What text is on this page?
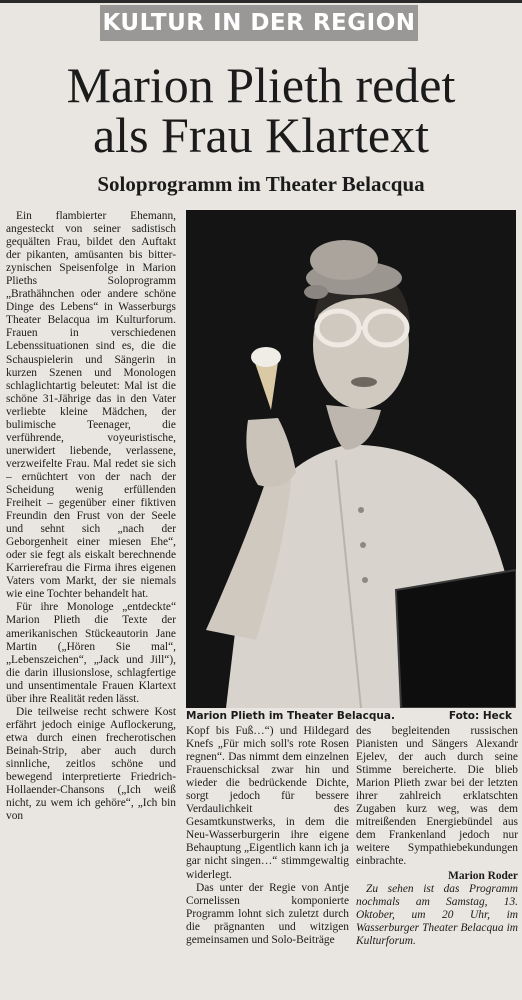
KULTUR IN DER REGION
Marion Plieth redet
als Frau Klartext
Soloprogramm im Theater Belacqua

Ein flambierter Ehemann, angesteckt von seiner sadistisch gequälten Frau, bildet den Auftakt der pikanten, amüsanten bis bitter-zynischen Speisenfolge in Marion Plieths Soloprogramm „Brathähnchen oder andere schöne Dinge des Lebens“ in Wasserburgs Theater Belacqua im Kulturforum. Frauen in verschiedenen Lebenssituationen sind es, die die Schauspielerin und Sängerin in kurzen Szenen und Monologen schlaglichtartig beleutet: Mal ist die schöne 31-Jährige das in den Vater verliebte kleine Mädchen, der bulimische Teenager, die verführende, voyeuristische, unerwidert liebende, verlassene, verzweifelte Frau. Mal redet sie sich – ernüchtert von der nach der Scheidung wenig erfüllenden Freiheit – gegenüber einer fiktiven Freundin den Frust von der Seele und sehnt sich „nach der Geborgenheit einer miesen Ehe“, oder sie fegt als eiskalt berechnende Karrierefrau die Firma ihres eigenen Vaters vom Markt, der sie niemals wie eine Tochter behandelt hat.

Für ihre Monologe „entdeckte“ Marion Plieth die Texte der amerikanischen Stückeautorin Jane Martin („Hören Sie mal“, „Lebenszeichen“, „Jack und Jill“), die darin illusionslose, schlagfertige und unsentimentale Frauen Klartext über ihre Realität reden lässt.

Die teilweise recht schwere Kost erfährt jedoch einige Auflockerung, etwa durch einen frecherotischen Beinah-Strip, aber auch durch sinnliche, zeitlos schöne und bewegend interpretierte Friedrich-Hollaender-Chansons („Ich weiß nicht, zu wem ich gehöre“, „Ich bin von

Marion Plieth im Theater Belacqua.	Foto: Heck

Kopf bis Fuß…“) und Hildegard Knefs „Für mich soll's rote Rosen regnen“. Das nimmt dem einzelnen Frauenschicksal zwar hin und wieder die bedrückende Dichte, sorgt jedoch für bessere Verdaulichkeit des Gesamtkunstwerks, in dem die Neu-Wasserburgerin ihre eigene Behauptung „Eigentlich kann ich ja gar nicht singen…“ stimmgewaltig widerlegt.

Das unter der Regie von Antje Cornelissen komponierte Programm lohnt sich zuletzt durch die prägnanten und witzigen gemeinsamen und Solo-Beiträge

des begleitenden russischen Pianisten und Sängers Alexandr Ejelev, der auch durch seine Stimme bereicherte. Die blieb Marion Plieth zwar bei der letzten ihrer zahlreich erklatschten Zugaben kurz weg, was dem mitreißenden Energiebündel aus dem Frankenland jedoch nur weitere Sympathiebekundungen einbrachte.

Marion Roder

Zu sehen ist das Programm nochmals am Samstag, 13. Oktober, um 20 Uhr, im Wasserburger Theater Belacqua im Kulturforum.
